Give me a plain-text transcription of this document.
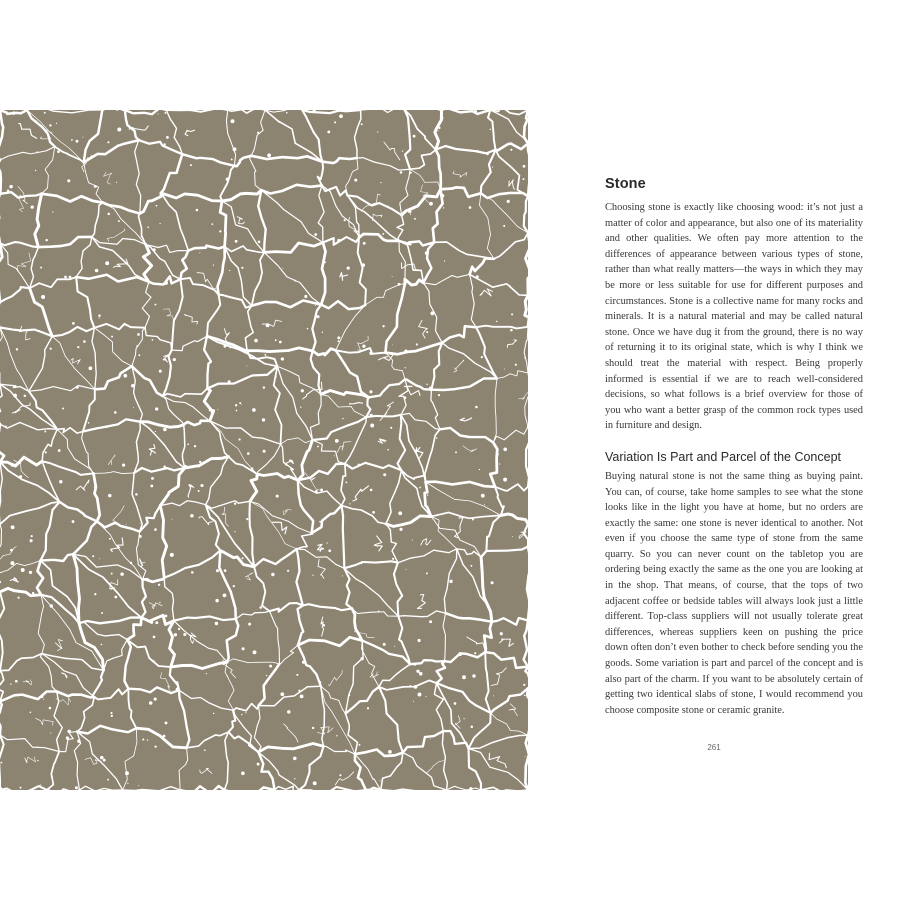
Stone

Choosing stone is exactly like choosing wood: it’s not just a matter of color and appearance, but also one of its materiality and other qualities. We often pay more attention to the differences of appearance between various types of stone, rather than what really matters—the ways in which they may be more or less suitable for use for different purposes and circumstances. Stone is a collective name for many rocks and minerals. It is a natural material and may be called natural stone. Once we have dug it from the ground, there is no way of returning it to its original state, which is why I think we should treat the material with respect. Being properly informed is essential if we are to reach well-considered decisions, so what follows is a brief overview for those of you who want a better grasp of the common rock types used in furniture and design.

Variation Is Part and Parcel of the Concept

Buying natural stone is not the same thing as buying paint. You can, of course, take home samples to see what the stone looks like in the light you have at home, but no orders are exactly the same: one stone is never identical to another. Not even if you choose the same type of stone from the same quarry. So you can never count on the tabletop you are ordering being exactly the same as the one you are looking at in the shop. That means, of course, that the tops of two adjacent coffee or bedside tables will always look just a little different. Top-class suppliers will not usually tolerate great differences, whereas suppliers keen on pushing the price down often don’t even bother to check before sending you the goods. Some variation is part and parcel of the concept and is also part of the charm. If you want to be absolutely certain of getting two identical slabs of stone, I would recommend you choose composite stone or ceramic granite.

261
